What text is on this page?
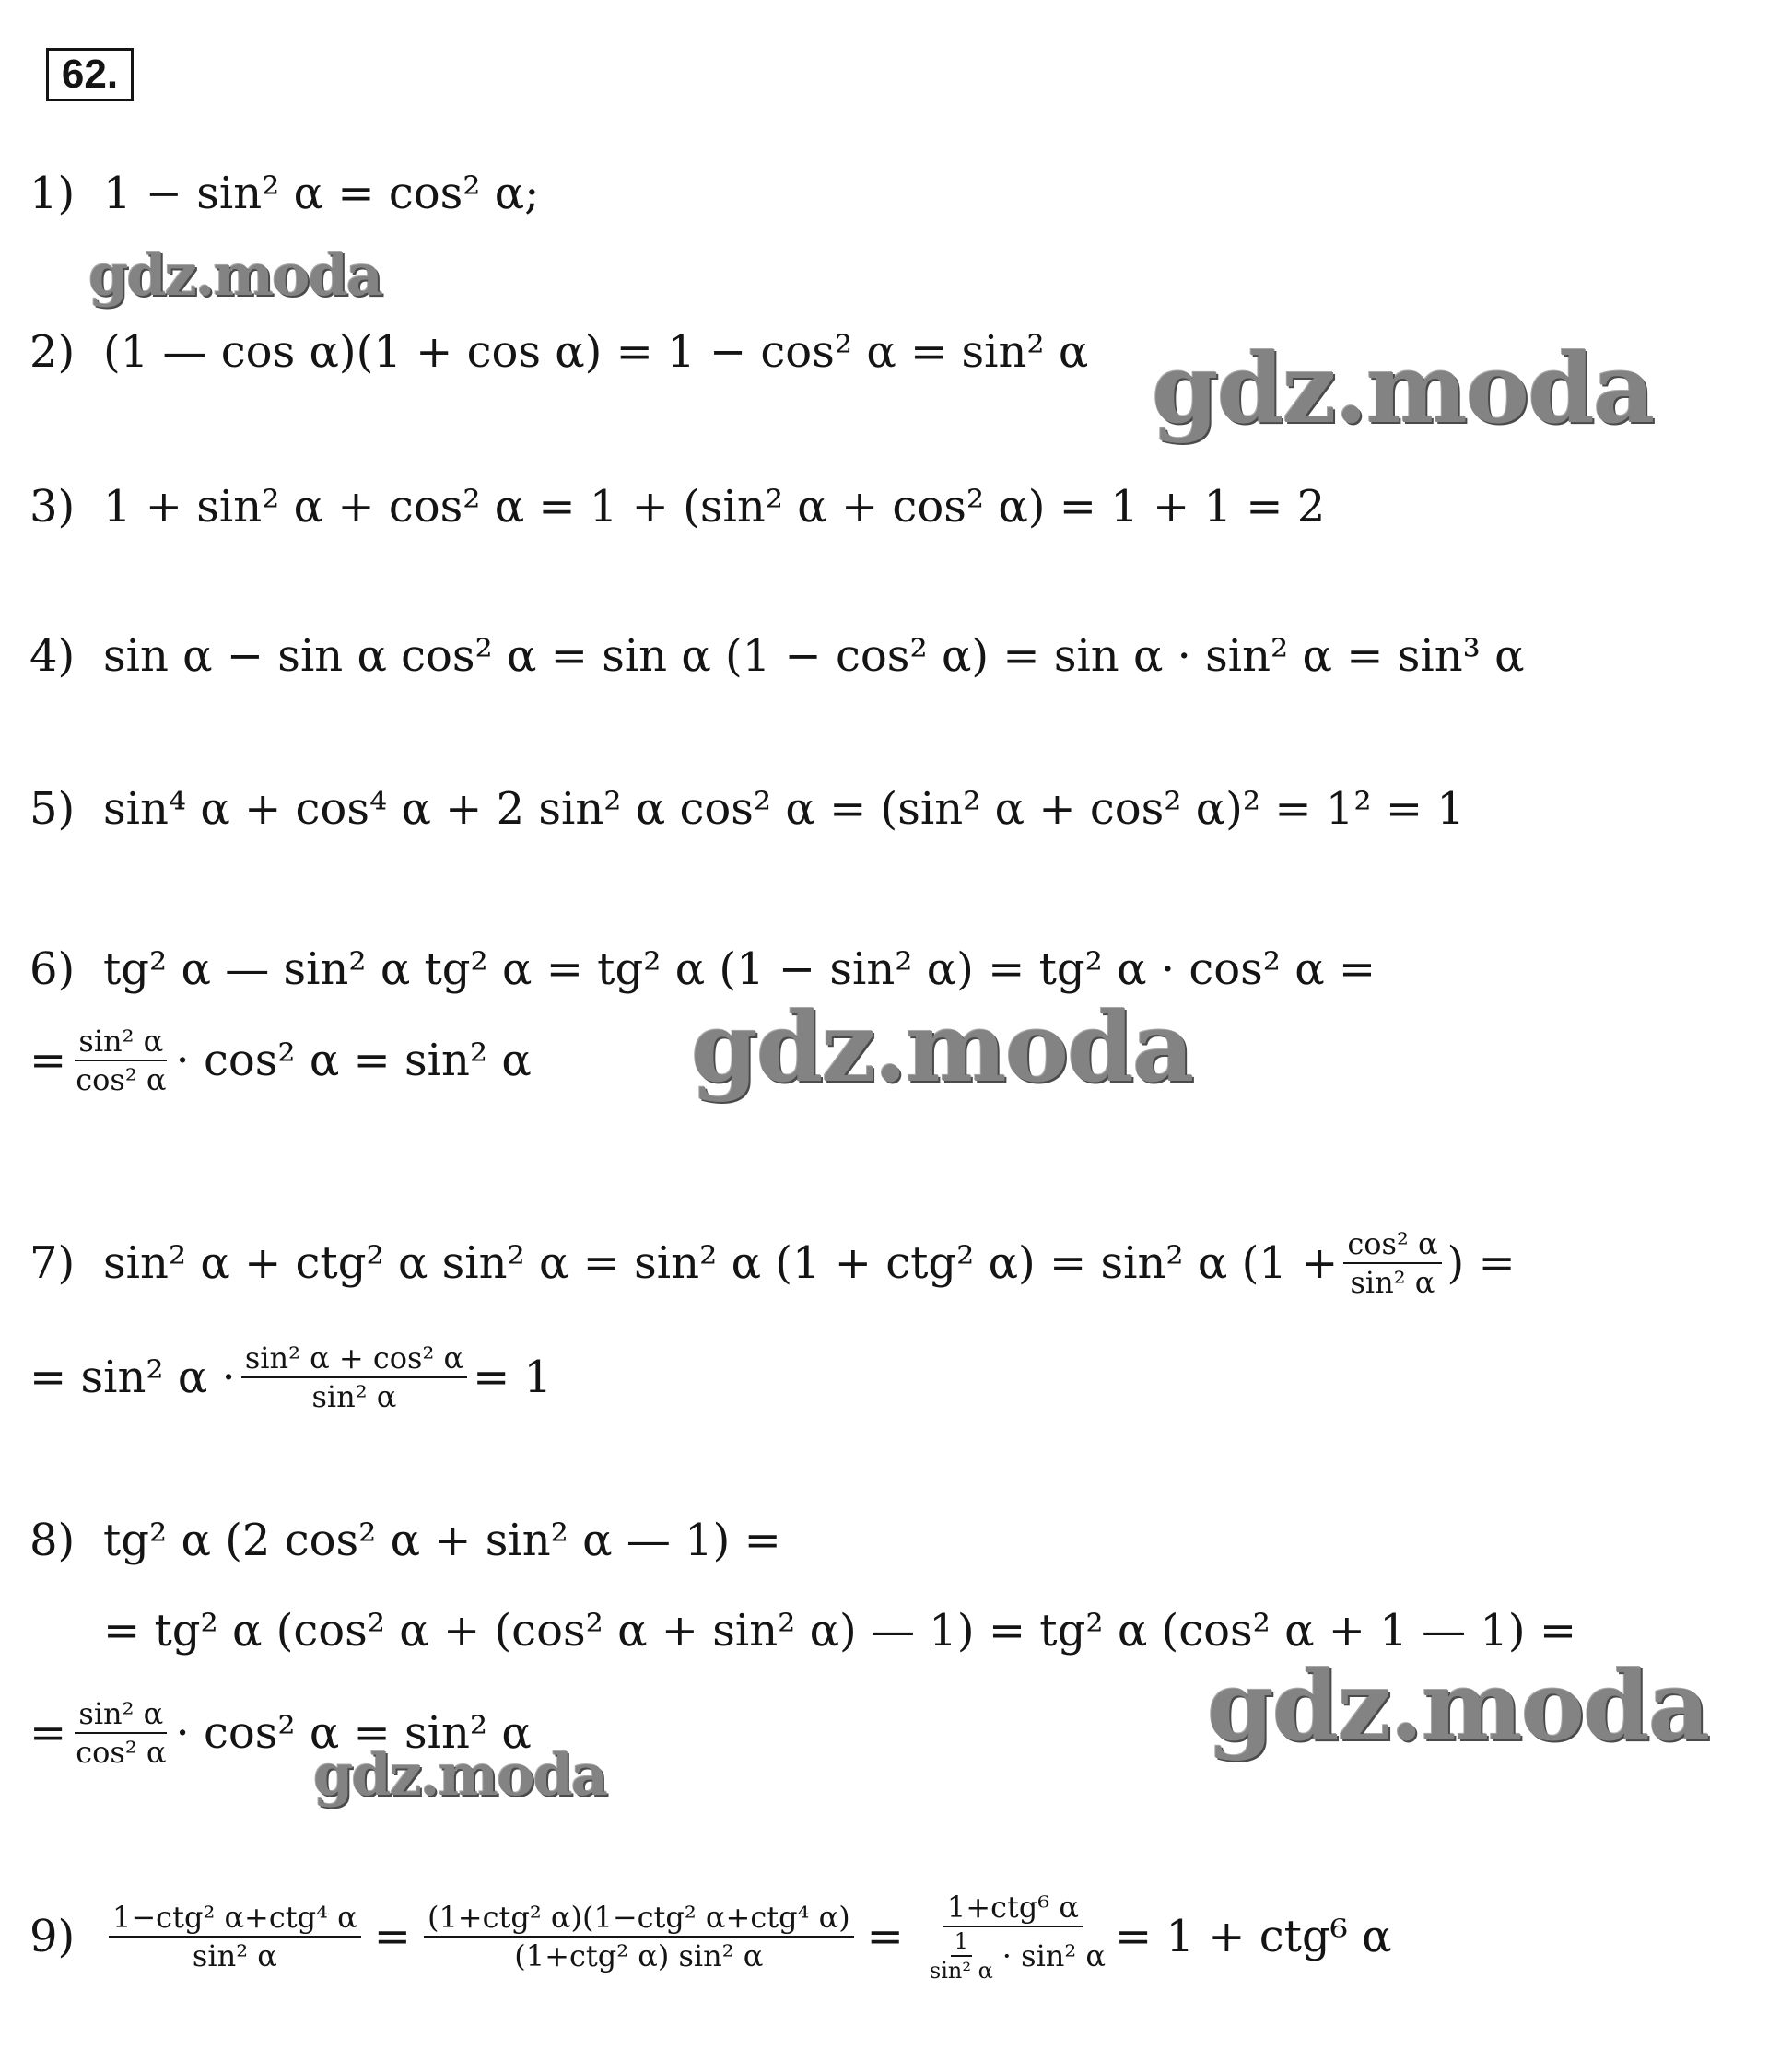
62.
1) 1 − sin² α = cos² α;
2) (1 — cos α)(1 + cos α) = 1 − cos² α = sin² α
3) 1 + sin² α + cos² α = 1 + (sin² α + cos² α) = 1 + 1 = 2
4) sin α − sin α cos² α = sin α (1 − cos² α) = sin α · sin² α = sin³ α
5) sin⁴ α + cos⁴ α + 2 sin² α cos² α = (sin² α + cos² α)² = 1² = 1
6) tg² α — sin² α tg² α = tg² α (1 − sin² α) = tg² α · cos² α =
= $\frac{\text{sin² α}}{\text{cos² α}} \cdot \cos^2$ α = sin² α
7) sin² α + ctg² α sin² α = sin² α (1 + ctg² α) = sin² α ($1 + \frac{\text{cos² α}}{\text{sin² α}}$ ) =
= sin² $\alpha \cdot \frac{\text{sin² α + cos² α}}{\text{sin² α}} = 1$
8) tg² α (2 cos² α + sin² α — 1) =
= tg² α (cos² α + (cos² α + sin² α) — 1) = tg² α (cos² α + 1 — 1) =
= $\frac{\text{sin² α}}{\text{cos² α}} \cdot \cos^2$ α = sin² α
9)	$\frac{\text{1−ctg² α+ctg⁴ α}}{\text{sin² α}} = \frac{\text{(1+ctg² α)(1−ctg² α+ctg⁴ α)}}{\text{(1+ctg² α) sin² α}} = \frac{\text{1+ctg⁶ α}}{\frac{1}{\text{sin² α}} \cdot \sin^2 \alpha} = 1 + ctg^6$ α
gdz.moda
gdz.moda
gdz.moda
gdz.moda
gdz.moda
